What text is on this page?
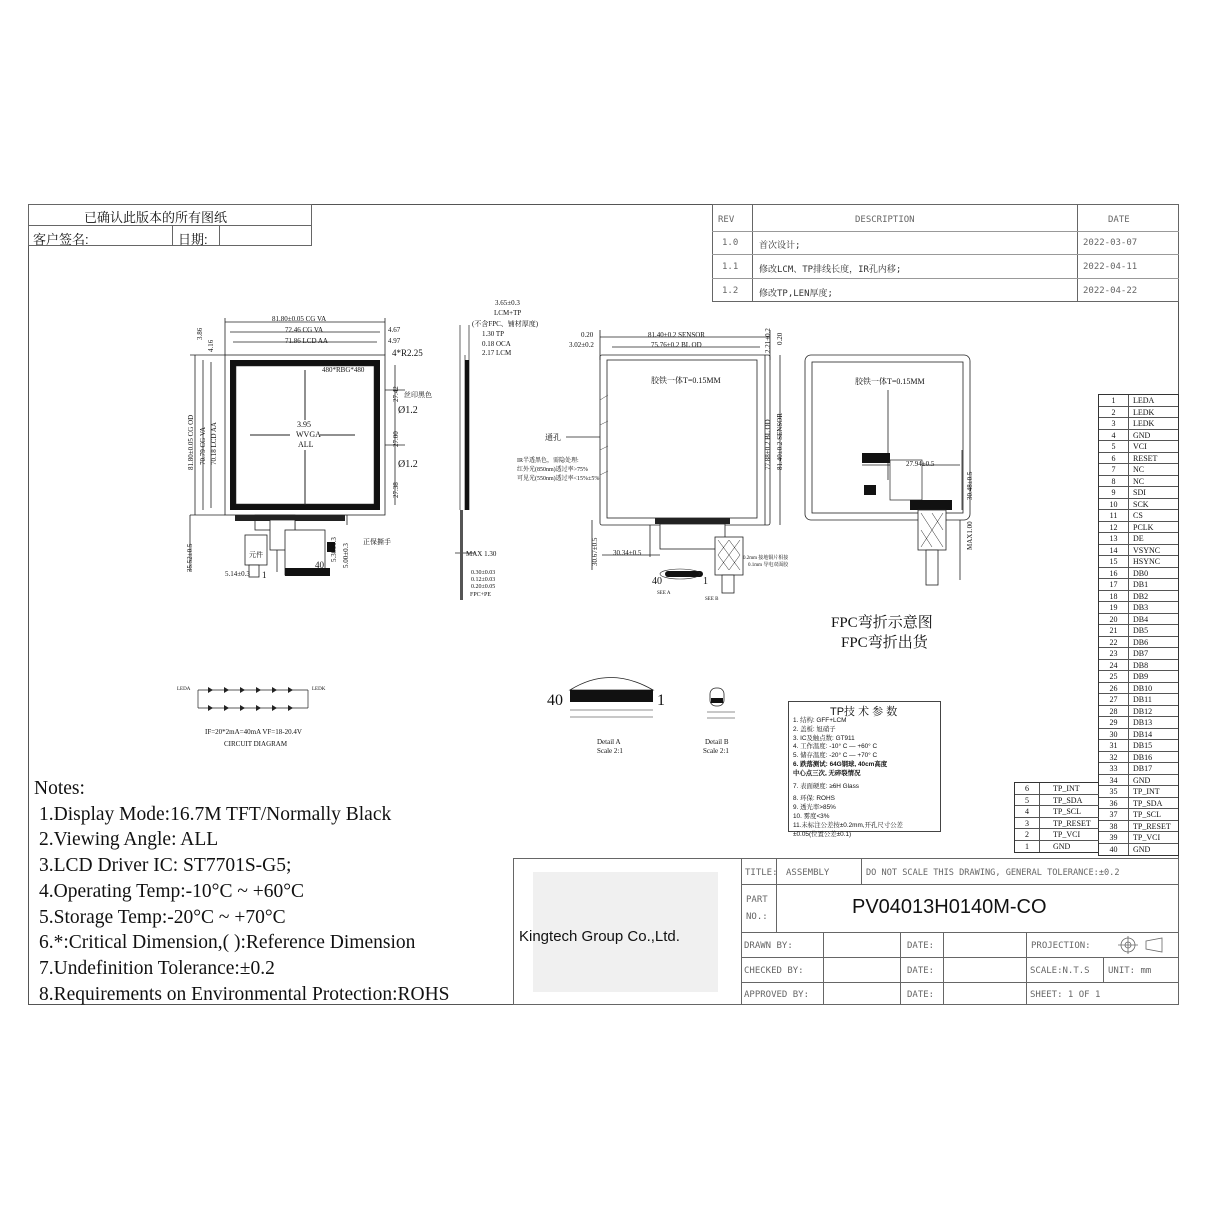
已确认此版本的所有图纸
客户签名:	日期:
REV	DESCRIPTION	DATE
1.0 首次设计;	2022-03-07
1.1 修改LCM、TP排线长度，IR孔内移;	2022-04-11
1.2 修改TP,LEN厚度;	2022-04-22
81.80±0.05 CG VA
72.46 CG VA
71.86 LCD AA
4.67
4.97
3.86
4.16
4*R2.25
480*RBG*480
丝印黑色
Ø1.2
Ø1.2
27.42
27.00
27.38
3.95
WVGA
ALL
81.80±0.05 CG OD 70.79 CG VA 70.18 LCD AA
正保撕手
35.52±0.5	5.30±0.3 5.00±0.3
5.14±0.3
元件
40
1
3.65±0.3
LCM+TP
(不含FPC、铺材厚度)
1.30 TP
0.18 OCA
2.17 LCM
MAX 1.30
0.30±0.03
0.12±0.03
0.20±0.05
FPC+PE
0.20	81.40±0.2 SENSOR
3.02±0.2	75.76±0.2 BL OD	2.21±0.2 0.20
77.88±0.2 BL OD 81.40±0.2 SENSOR
胶铁一体T=0.15MM
通孔
IR半透黑色，需隐处理:
红外光(850nm)透过率>75%
可见光(550nm)透过率<15%±5%
30.67±0.5 30.34±0.5
40	1
SEE A
SEE B
0.2mm 接地铜片相接
0.1mm 导电双面胶
胶铁一体T=0.15MM
27.94±0.5
30.48±0.5
MAX1.00
FPC弯折示意图
FPC弯折出货
LEDA	LEDK
IF=20*2mA=40mA VF=18-20.4V
CIRCUIT DIAGRAM
40	1
Detail A
Scale 2:1
Detail B
Scale 2:1
TP技 术 参 数
1. 结构: GFF+LCM
2. 盖板: 旭硝子
3. IC及触点数: GT911
4. 工作温度: -10° C — +60° C
5. 储存温度: -20° C — +70° C
6. 跌落测试: 64G钢球, 40cm高度
中心点三次, 无碎裂情况
7. 表面硬度: ≥6H Glass
8. 环保: ROHS
9. 透光率>85%
10. 雾度<3%
11.未标注公差按±0.2mm,开孔尺寸公差
±0.05(位置公差±0.1)
1	LEDA
2	LEDK
3	LEDK
4	GND
5	VCI
6	RESET
7	NC
8	NC
9	SDI
10	SCK
11	CS
12	PCLK
13	DE
14	VSYNC
15	HSYNC
16	DB0
17	DB1
18	DB2
19	DB3
20	DB4
21	DB5
22	DB6
23	DB7
24	DB8
25	DB9
26	DB10
27	DB11
28	DB12
29	DB13
30	DB14
31	DB15
32	DB16
33	DB17
34	GND
35	TP_INT
36	TP_SDA
37	TP_SCL
38	TP_RESET
39	TP_VCI
40	GND
6	TP_INT
5	TP_SDA
4	TP_SCL
3	TP_RESET
2	TP_VCI
1	GND
Notes:
1.Display Mode:16.7M TFT/Normally Black
2.Viewing Angle: ALL
3.LCD Driver IC: ST7701S-G5;
4.Operating Temp:-10°C ~ +60°C
5.Storage Temp:-20°C ~ +70°C
6.*:Critical Dimension,( ):Reference Dimension
7.Undefinition Tolerance:±0.2
8.Requirements on Environmental Protection:ROHS
Kingtech Group Co.,Ltd.
TITLE: ASSEMBLY	DO NOT SCALE THIS DRAWING, GENERAL TOLERANCE:±0.2
PART
NO.:	PV04013H0140M-CO
DRAWN BY:
CHECKED BY:
APPROVED BY:
DATE:
DATE:
DATE:
PROJECTION:
SCALE:N.T.S UNIT: mm
SHEET: 1 OF 1
